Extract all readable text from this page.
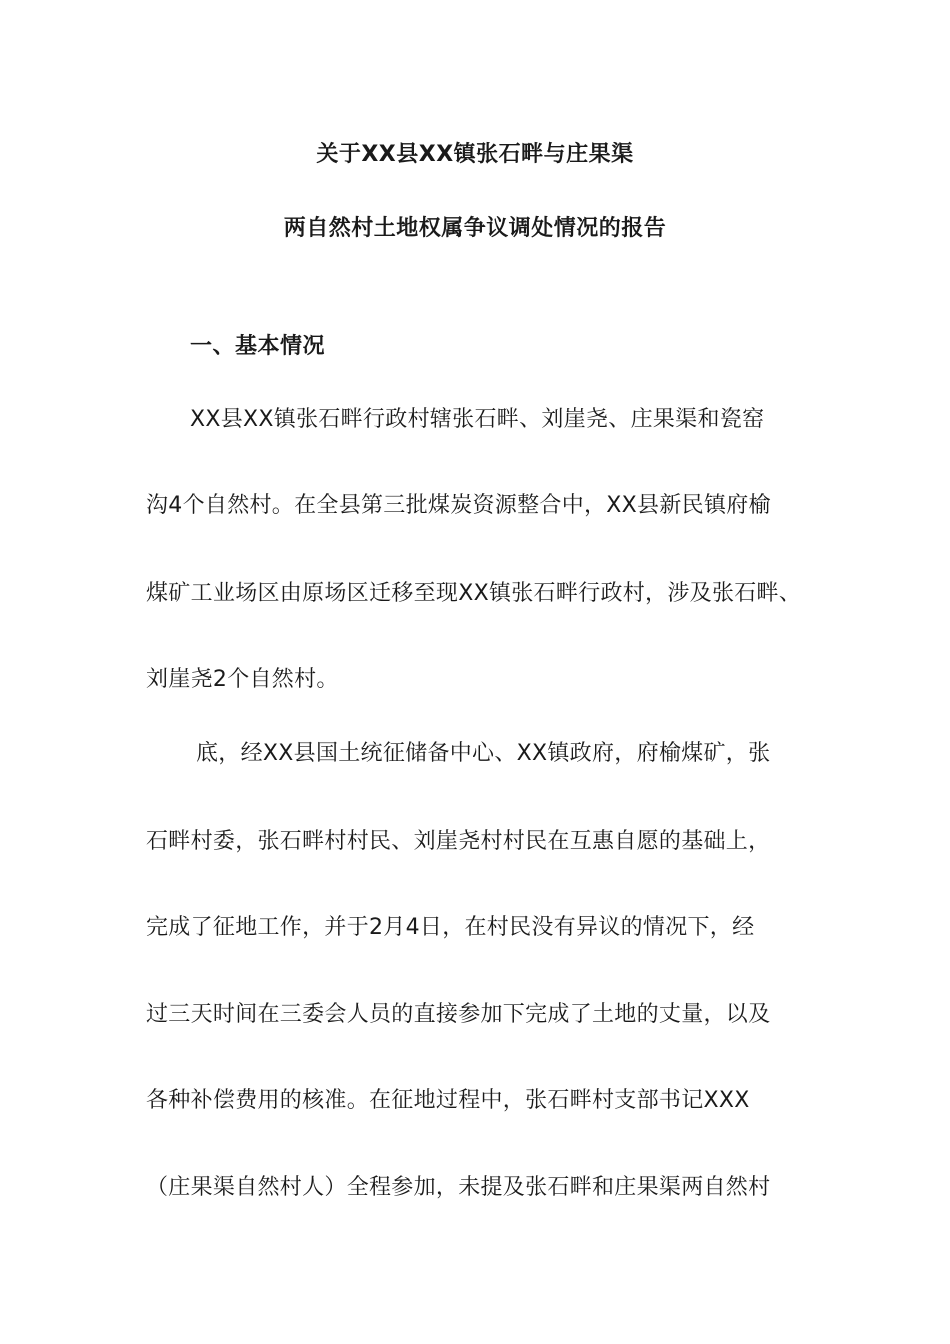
关于XX县XX镇张石畔与庄果渠
两自然村土地权属争议调处情况的报告
一、基本情况
XX县XX镇张石畔行政村辖张石畔、刘崖尧、庄果渠和瓷窑
沟4个自然村。在全县第三批煤炭资源整合中，XX县新民镇府榆
煤矿工业场区由原场区迁移至现XX镇张石畔行政村，涉及张石畔、
刘崖尧2个自然村。
底，经XX县国土统征储备中心、XX镇政府，府榆煤矿，张
石畔村委，张石畔村村民、刘崖尧村村民在互惠自愿的基础上，
完成了征地工作，并于2月4日，在村民没有异议的情况下，经
过三天时间在三委会人员的直接参加下完成了土地的丈量，以及
各种补偿费用的核准。在征地过程中，张石畔村支部书记XXX
（庄果渠自然村人）全程参加，未提及张石畔和庄果渠两自然村
